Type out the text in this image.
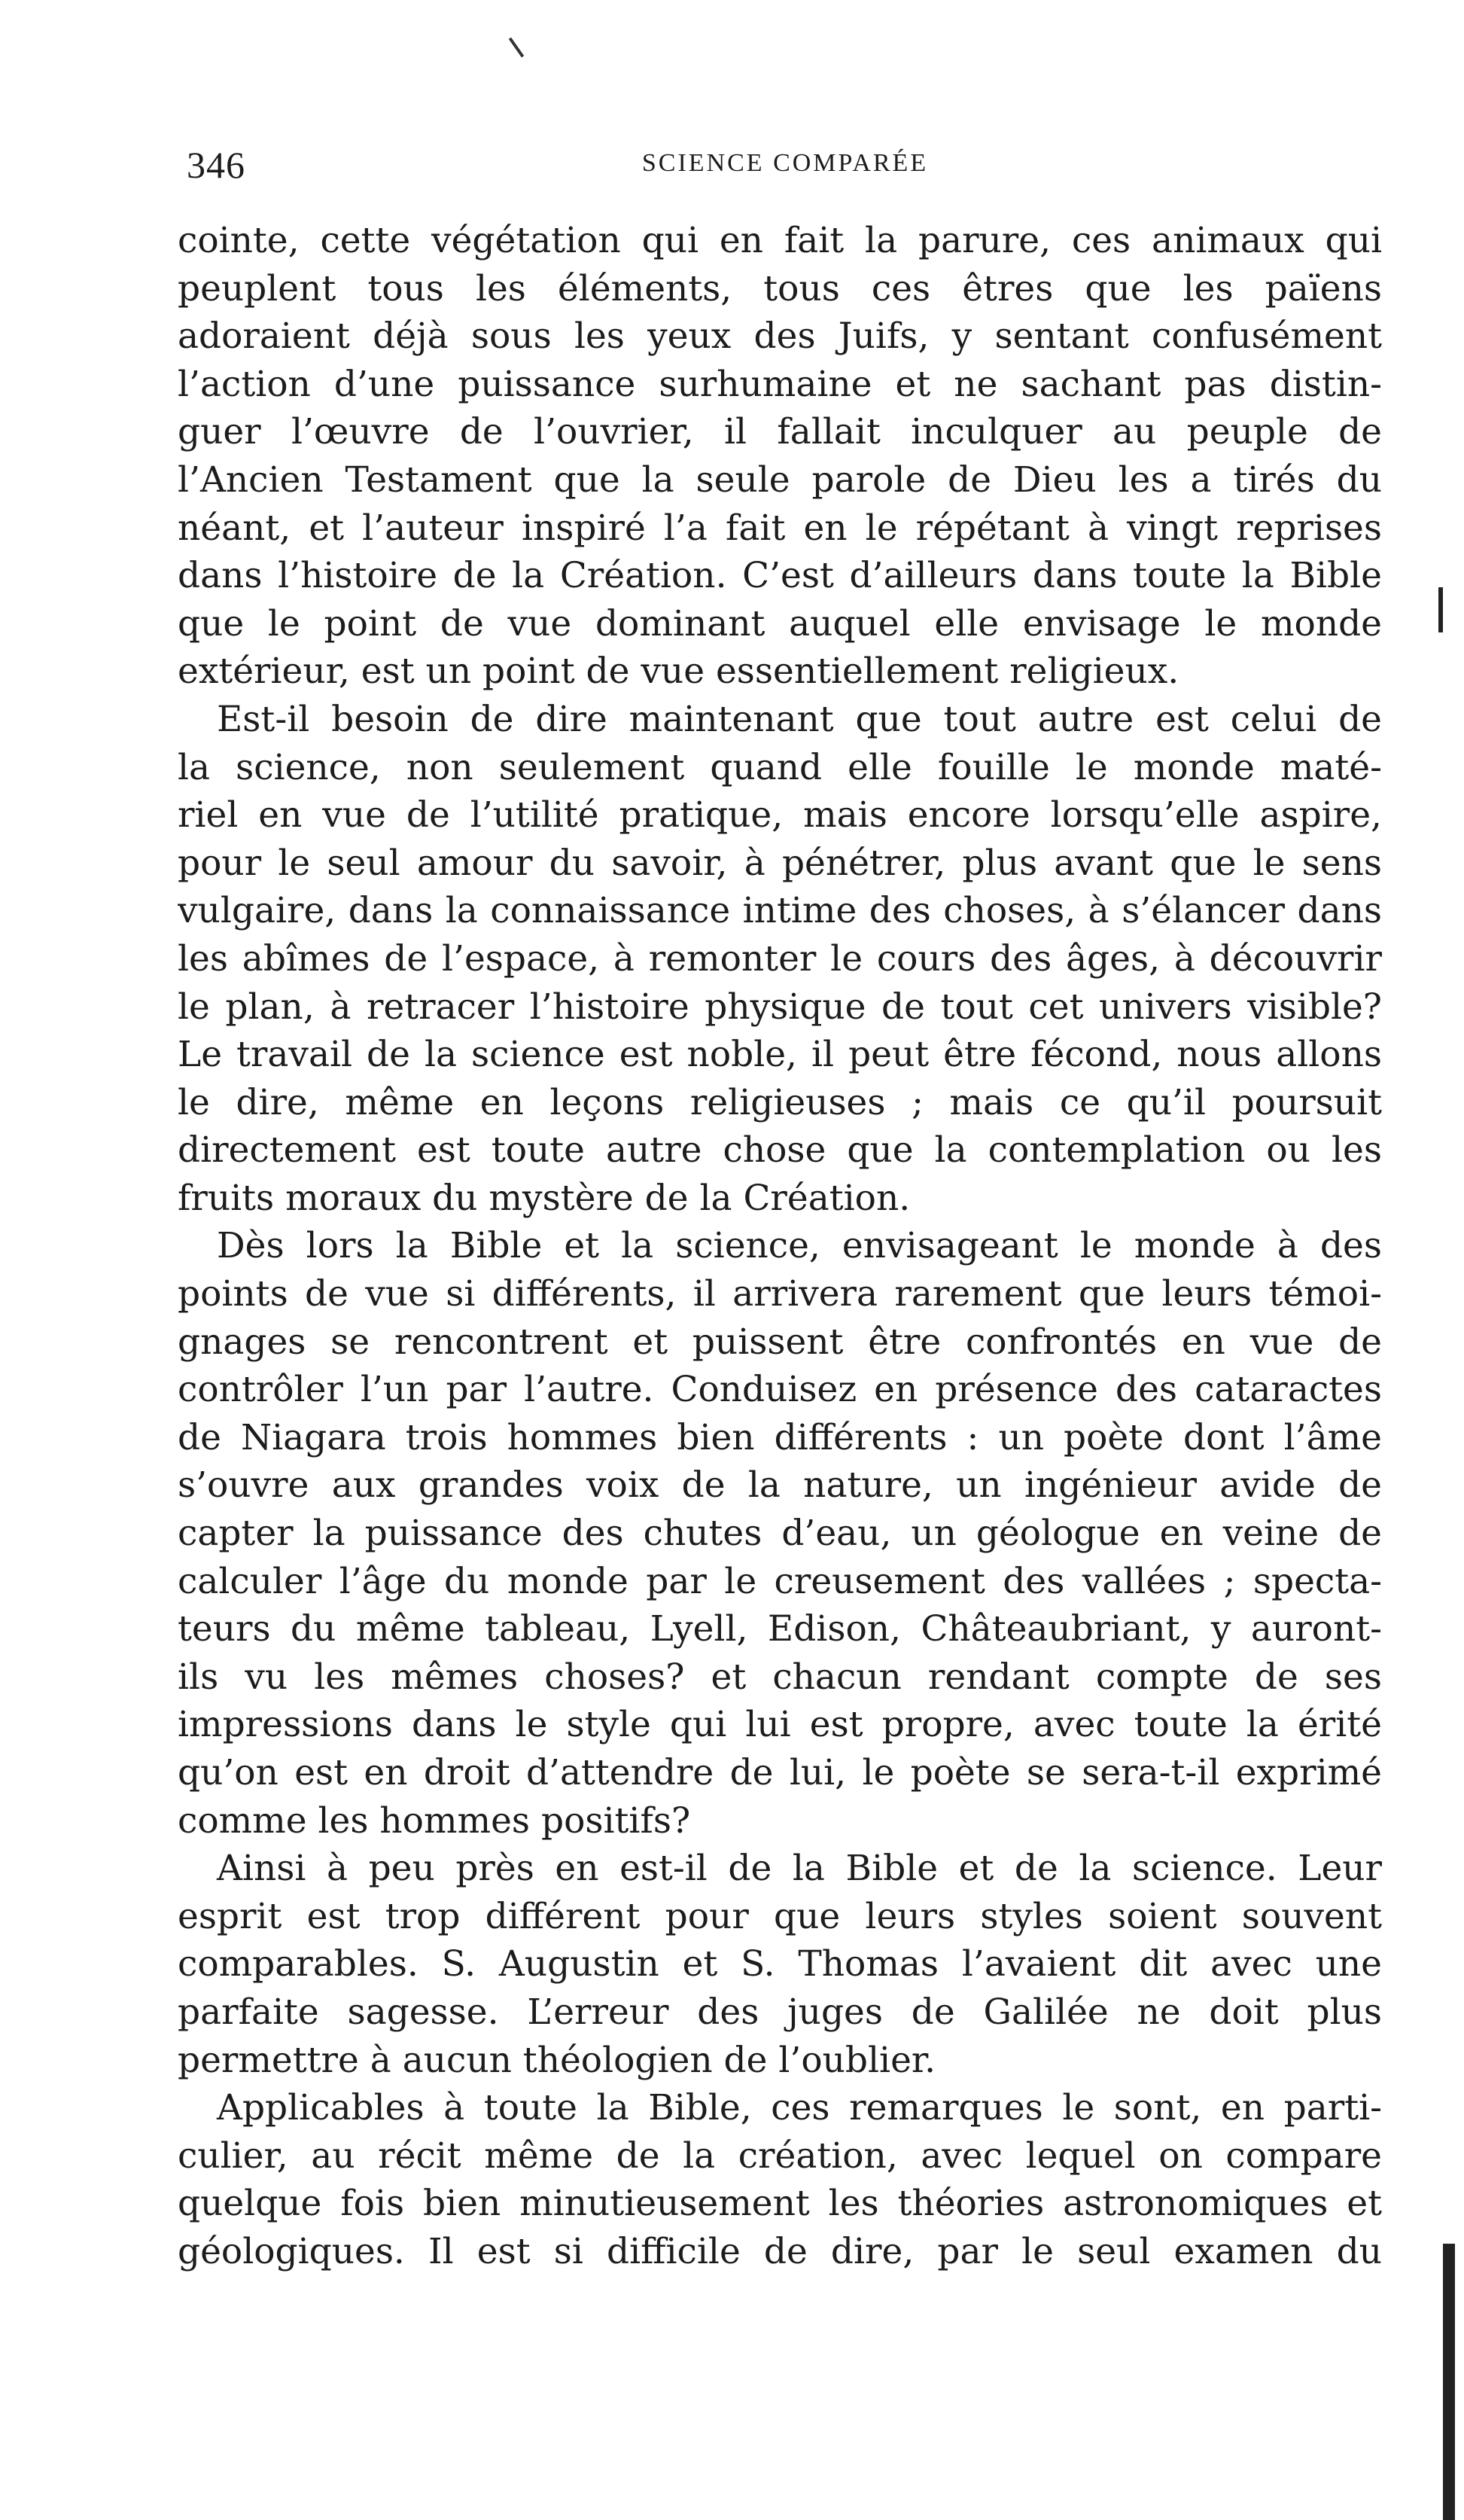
346	SCIENCE COMPARÉE
cointe, cette végétation qui en fait la parure, ces animaux qui
peuplent tous les éléments, tous ces êtres que les païens
adoraient déjà sous les yeux des Juifs, y sentant confusément
l’action d’une puissance surhumaine et ne sachant pas distin-
guer l’œuvre de l’ouvrier, il fallait inculquer au peuple de
l’Ancien Testament que la seule parole de Dieu les a tirés du
néant, et l’auteur inspiré l’a fait en le répétant à vingt reprises
dans l’histoire de la Création. C’est d’ailleurs dans toute la Bible
que le point de vue dominant auquel elle envisage le monde
extérieur, est un point de vue essentiellement religieux.
Est-il besoin de dire maintenant que tout autre est celui de
la science, non seulement quand elle fouille le monde maté-
riel en vue de l’utilité pratique, mais encore lorsqu’elle aspire,
pour le seul amour du savoir, à pénétrer, plus avant que le sens
vulgaire, dans la connaissance intime des choses, à s’élancer dans
les abîmes de l’espace, à remonter le cours des âges, à découvrir
le plan, à retracer l’histoire physique de tout cet univers visible?
Le travail de la science est noble, il peut être fécond, nous allons
le dire, même en leçons religieuses ; mais ce qu’il poursuit
directement est toute autre chose que la contemplation ou les
fruits moraux du mystère de la Création.
Dès lors la Bible et la science, envisageant le monde à des
points de vue si différents, il arrivera rarement que leurs témoi-
gnages se rencontrent et puissent être confrontés en vue de
contrôler l’un par l’autre. Conduisez en présence des cataractes
de Niagara trois hommes bien différents : un poète dont l’âme
s’ouvre aux grandes voix de la nature, un ingénieur avide de
capter la puissance des chutes d’eau, un géologue en veine de
calculer l’âge du monde par le creusement des vallées ; specta-
teurs du même tableau, Lyell, Edison, Châteaubriant, y auront-
ils vu les mêmes choses? et chacun rendant compte de ses
impressions dans le style qui lui est propre, avec toute la érité
qu’on est en droit d’attendre de lui, le poète se sera-t-il exprimé
comme les hommes positifs?
Ainsi à peu près en est-il de la Bible et de la science. Leur
esprit est trop différent pour que leurs styles soient souvent
comparables. S. Augustin et S. Thomas l’avaient dit avec une
parfaite sagesse. L’erreur des juges de Galilée ne doit plus
permettre à aucun théologien de l’oublier.
Applicables à toute la Bible, ces remarques le sont, en parti-
culier, au récit même de la création, avec lequel on compare
quelque fois bien minutieusement les théories astronomiques et
géologiques. Il est si difficile de dire, par le seul examen du
